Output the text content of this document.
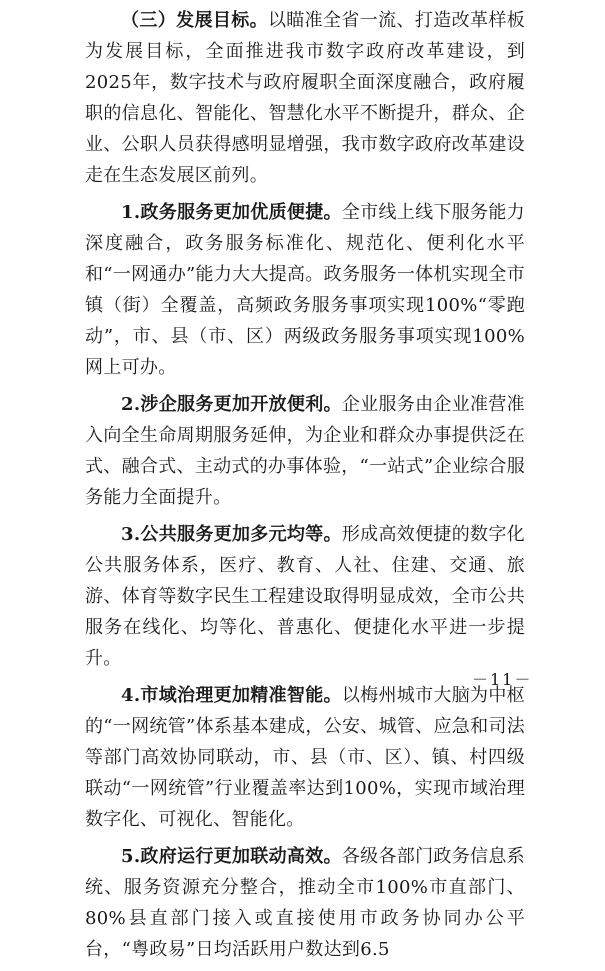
（三）发展目标。以瞄准全省一流、打造改革样板为发展目标，全面推进我市数字政府改革建设，到2025年，数字技术与政府履职全面深度融合，政府履职的信息化、智能化、智慧化水平不断提升，群众、企业、公职人员获得感明显增强，我市数字政府改革建设走在生态发展区前列。

1.政务服务更加优质便捷。全市线上线下服务能力深度融合，政务服务标准化、规范化、便利化水平和“一网通办”能力大大提高。政务服务一体机实现全市镇（街）全覆盖，高频政务服务事项实现100%“零跑动”，市、县（市、区）两级政务服务事项实现100%网上可办。

2.涉企服务更加开放便利。企业服务由企业准营准入向全生命周期服务延伸，为企业和群众办事提供泛在式、融合式、主动式的办事体验，“一站式”企业综合服务能力全面提升。

3.公共服务更加多元均等。形成高效便捷的数字化公共服务体系，医疗、教育、人社、住建、交通、旅游、体育等数字民生工程建设取得明显成效，全市公共服务在线化、均等化、普惠化、便捷化水平进一步提升。

4.市域治理更加精准智能。以梅州城市大脑为中枢的“一网统管”体系基本建成，公安、城管、应急和司法等部门高效协同联动，市、县（市、区）、镇、村四级联动“一网统管”行业覆盖率达到100%，实现市域治理数字化、可视化、智能化。

5.政府运行更加联动高效。各级各部门政务信息系统、服务资源充分整合，推动全市100%市直部门、80%县直部门接入或直接使用市政务协同办公平台，“粤政易”日均活跃用户数达到6.5

－11－
